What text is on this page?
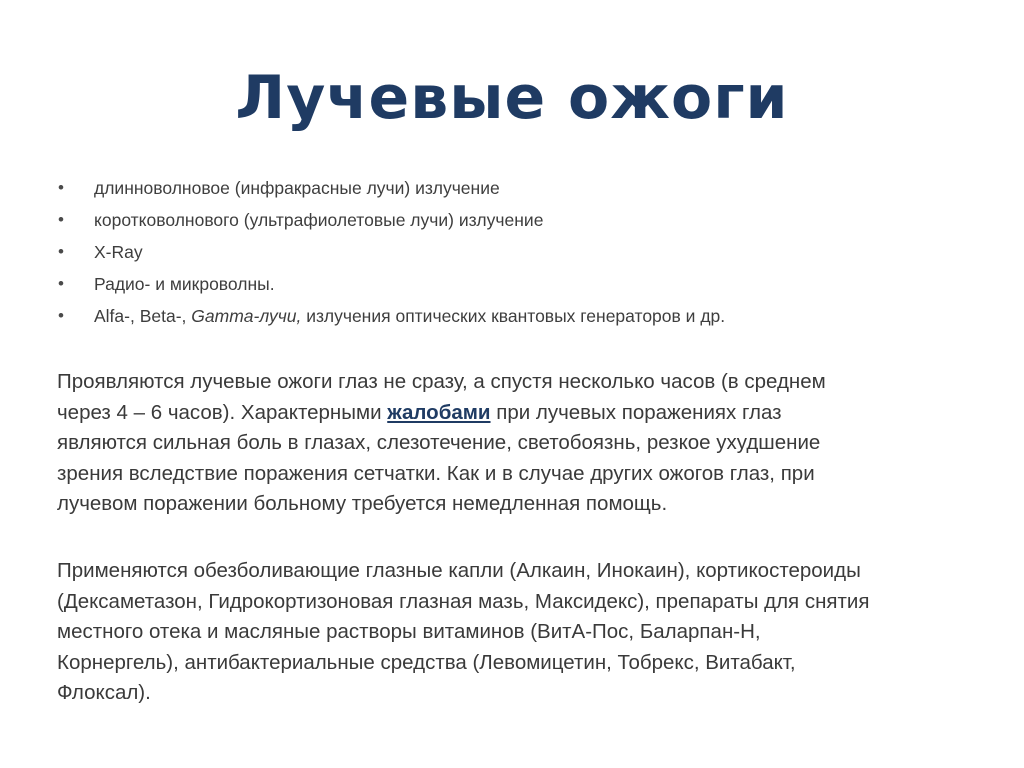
Лучевые ожоги
•	длинноволновое (инфракрасные лучи) излучение
•	коротковолнового (ультрафиолетовые лучи) излучение
•	X-Ray
•	Радио- и микроволны.
•	Alfa-, Beta-, Gamma-лучи, излучения оптических квантовых генераторов и др.

Проявляются лучевые ожоги глаз не сразу, а спустя несколько часов (в среднем через 4 – 6 часов). Характерными жалобами при лучевых поражениях глаз являются сильная боль в глазах, слезотечение, светобоязнь, резкое ухудшение зрения вследствие поражения сетчатки. Как и в случае других ожогов глаз, при лучевом поражении больному требуется немедленная помощь.

Применяются обезболивающие глазные капли (Алкаин, Инокаин), кортикостероиды (Дексаметазон, Гидрокортизоновая глазная мазь, Максидекс), препараты для снятия местного отека и масляные растворы витаминов (ВитА-Пос, Баларпан-Н, Корнергель), антибактериальные средства (Левомицетин, Тобрекс, Витабакт, Флоксал).
